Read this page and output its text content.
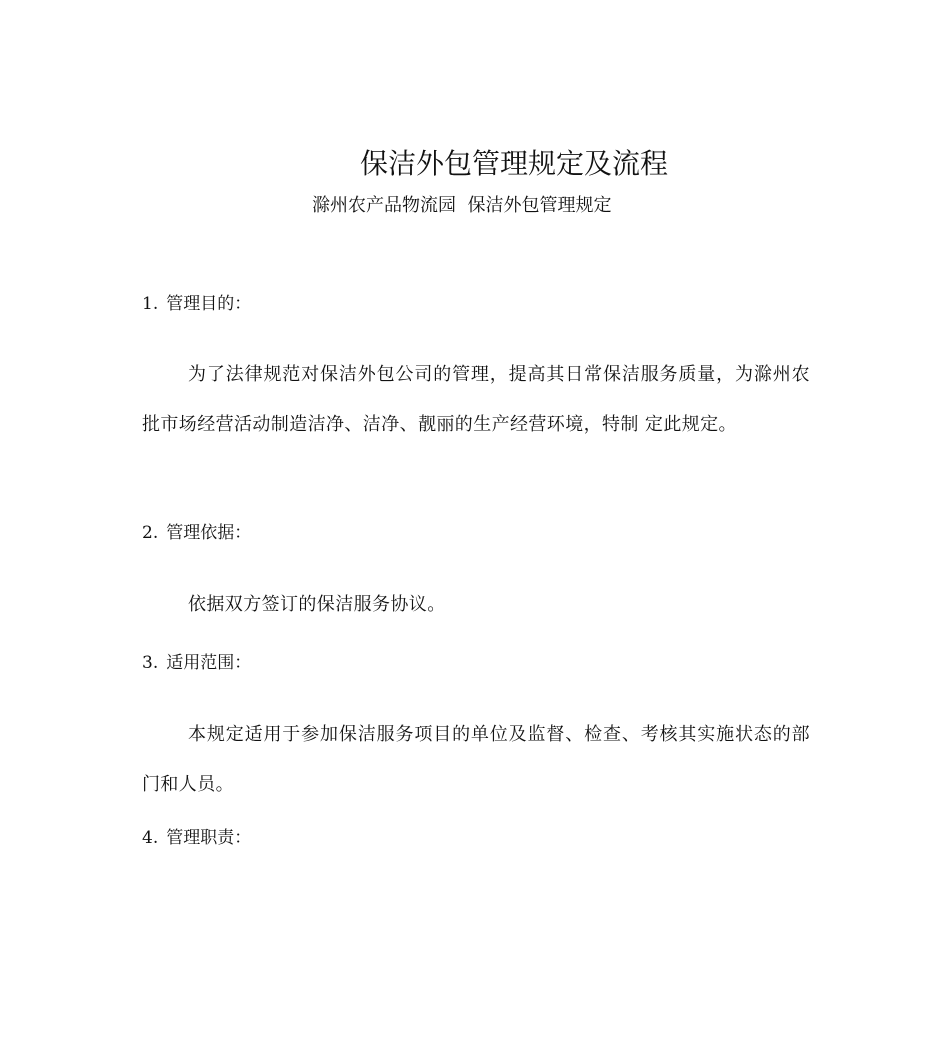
保洁外包管理规定及流程
滁州农产品物流园  保洁外包管理规定
1. 管理目的：
为了法律规范对保洁外包公司的管理，提高其日常保洁服务质量，为滁州农批市场经营活动制造洁净、洁净、靓丽的生产经营环境，特制 定此规定。
2. 管理依据：
依据双方签订的保洁服务协议。
3. 适用范围：
本规定适用于参加保洁服务项目的单位及监督、检查、考核其实施状态的部门和人员。
4. 管理职责：
